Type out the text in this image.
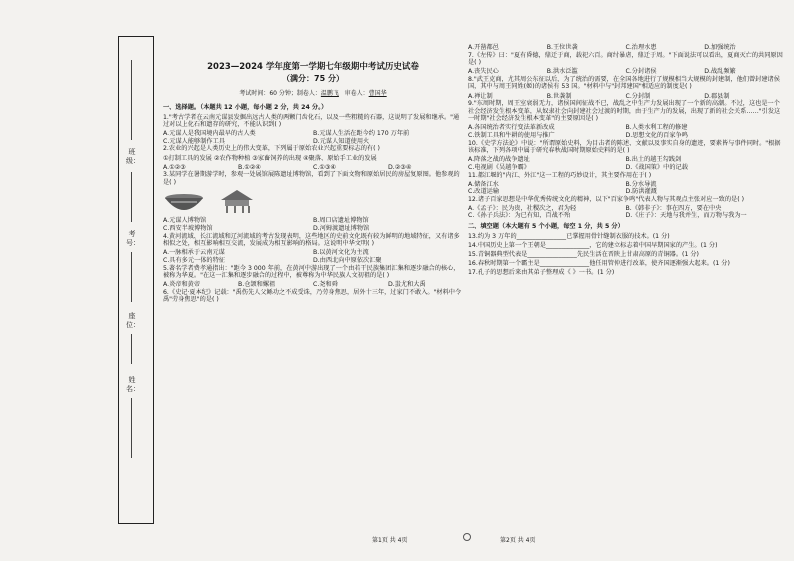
班级：
考号：
座位：
姓名：
2023—2024 学年度第一学期七年级期中考试历史试卷
（满分：75 分）
考试时间：60 分钟；制卷人：温鹏飞 审卷人：曹国华
一、选择题。（本题共 12 小题，每小题 2 分，共 24 分。）

1."考古学者在云南元谋县发掘出远古人类的两颗门齿化石，以及一些粗糙的石器，这说明了发展和继承。"通过对以上化石和遗存的研究，不能认识到( )

A.元谋人是我国境内最早的古人类	B.元谋人生活在距今约 170 万年前
C.元谋人能够制作工具	D.元谋人知道使用火

2.农业的兴起是人类历史上的伟大变革，下列属于原始农业兴起重要标志的有( )

①打制工具的发展 ②农作物种植 ③家畜饲养的出现 ④聚落、原始手工业的发展

A.①②③	B.①②④	C.①③④	D.②③④

3.某同学在暑期游学时，参观一处展馆展陈遗址博物馆，看到了下面文物和原始居民的房屋复原图。他参观的是( )

A.元谋人博物馆	B.周口店遗址博物馆
C.西安半坡博物馆	D.河姆渡遗址博物馆

4.黄河流域、长江流域和辽河流域的考古发现表明，这些地区的史前文化既有较为鲜明的地域特征，又有诸多相似之处，相互影响相互交流，发展成为相互影响的格局。这说明中华文明( )

A.一脉相承于云南元谋	B.以黄河文化为主流
C.具有多元一体的特征	D.由西北向中原依次汇聚

5.著名学者费孝通指出："距今 3 000 年前，在黄河中游出现了一个由若干民族集团汇集和逐步融合的核心，被称为华夏。"在这一汇集和逐步融合的过程中，被尊称为中华民族人文初祖的是( )

A.炎帝和黄帝	B.仓颉和嫘祖	C.尧和舜	D.蚩尤和大禹

6.《史记·夏本纪》记载："禹伤先人父鲧功之不成受诛，乃劳身焦思，居外十三年，过家门不敢入。"材料中令禹"劳身焦思"的是( )

A.开凿都邑	B.王位世袭	C.治理水患	D.加强统治

7.《左传》曰："夏有昏德，鼎迁于商，载祀六百。商纣暴虐，鼎迁于周。"下面说法可以看出，夏商灭亡的共同原因是( )

A.丧失民心	B.洪水泛滥	C.分封诸侯	D.战乱频繁

8."武王克商，尤其周公东征以后，为了统治的需要，在全国各地进行了规模相当大规模的封建制，他们曾封建诸侯国，其中与周王同姓(姬)的诸侯有 53 国。"材料中与"封邦建国"相适应的制度是( )

A.禅让制	B.世袭制	C.分封制	D.郡县制

9."东周时期，周王室衰弱无力，诸侯国间征战不已，战乱之中生产力发展出现了一个新的高潮。不过，这也是一个社会经济发生根本变革，从奴隶社会向封建社会过渡的时期，由于生产力的发展，出现了新的社会关系……"引发这一时期"社会经济发生根本变革"的主要原因是( )

A.各国统治者实行变法革新改成	B.人类水利工程的修建
C.铁制工具和牛耕的使用与推广	D.思想文化的百家争鸣

10.《史学方法论》中说："所谓原始史料，为目击者的陈述、文献以及事实自身的遗迹，要素皆与事件同时。"根据该标准，下列各项中属于研究春秋战国时期原始史料的是( )

A.降落之战的战争遗址	B.出土的越王勾践剑
C.电视剧《吴越争霸》	D.《战国策》中的记载

11.都江堰的"内江、外江"这一工程的巧妙设计，其主要作用在于( )

A.储备江水	B.分水导流
C.改道运输	D.防洪灌溉

12.诸子百家思想是中华优秀传统文化的精神，以下"百家争鸣"代表人物与其观点主张对应一致的是( )

A.《孟子》：民为贵，社稷次之，君为轻	B.《韩非子》：事在四方，要在中央
C.《孙子兵法》：为已有知，百战不殆	D.《庄子》：天地与我并生，而万物与我为一
二、填空题（本大题有 5 个小题，每空 1 分，共 5 分）

13.约为 3 万年的________________已掌握用骨针缝制衣服的技术。(1 分)

14.中国历史上第一个王朝是______________，它的建立标志着中国早期国家的产生。(1 分)

15.青铜器典型代表是________________先民生活在晋陕上甘肃高原的青铜器。(1 分)

16.春秋时期第一个霸主是________________他任用管仲进行改革，使齐国逐渐强大起来。(1 分)

17.孔子的思想后来由其弟子整理成《 》一书。(1 分)

第1页 共 4页	第2页 共 4页
